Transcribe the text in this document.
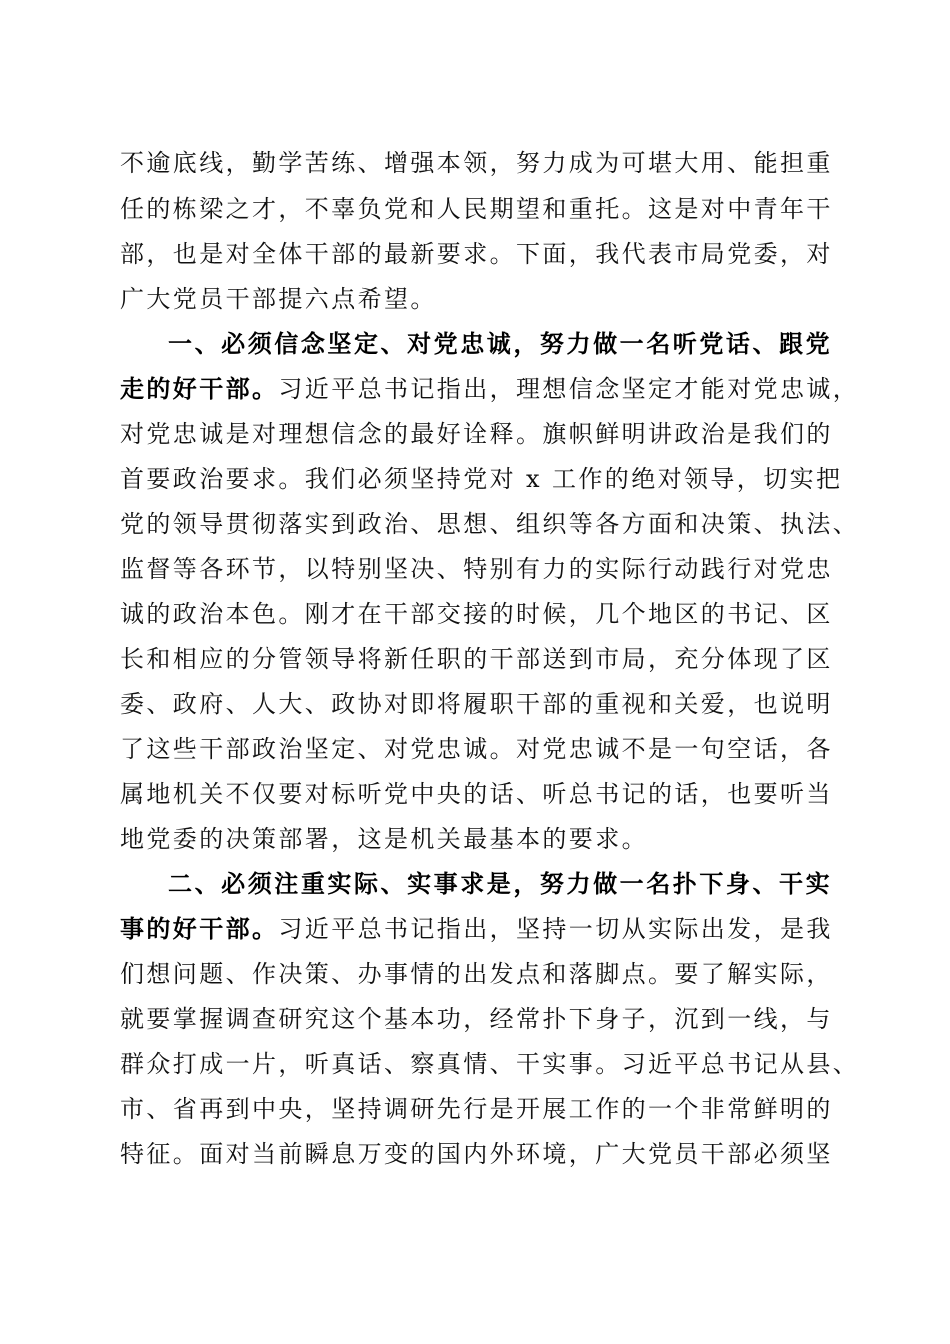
不逾底线，勤学苦练、增强本领，努力成为可堪大用、能担重
任的栋梁之才，不辜负党和人民期望和重托。这是对中青年干
部，也是对全体干部的最新要求。下面，我代表市局党委，对
广大党员干部提六点希望。
一、必须信念坚定、对党忠诚，努力做一名听党话、跟党
走的好干部。习近平总书记指出，理想信念坚定才能对党忠诚，
对党忠诚是对理想信念的最好诠释。旗帜鲜明讲政治是我们的
首要政治要求。我们必须坚持党对 x 工作的绝对领导，切实把
党的领导贯彻落实到政治、思想、组织等各方面和决策、执法、
监督等各环节，以特别坚决、特别有力的实际行动践行对党忠
诚的政治本色。刚才在干部交接的时候，几个地区的书记、区
长和相应的分管领导将新任职的干部送到市局，充分体现了区
委、政府、人大、政协对即将履职干部的重视和关爱，也说明
了这些干部政治坚定、对党忠诚。对党忠诚不是一句空话，各
属地机关不仅要对标听党中央的话、听总书记的话，也要听当
地党委的决策部署，这是机关最基本的要求。
二、必须注重实际、实事求是，努力做一名扑下身、干实
事的好干部。习近平总书记指出，坚持一切从实际出发，是我
们想问题、作决策、办事情的出发点和落脚点。要了解实际，
就要掌握调查研究这个基本功，经常扑下身子，沉到一线，与
群众打成一片，听真话、察真情、干实事。习近平总书记从县、
市、省再到中央，坚持调研先行是开展工作的一个非常鲜明的
特征。面对当前瞬息万变的国内外环境，广大党员干部必须坚
